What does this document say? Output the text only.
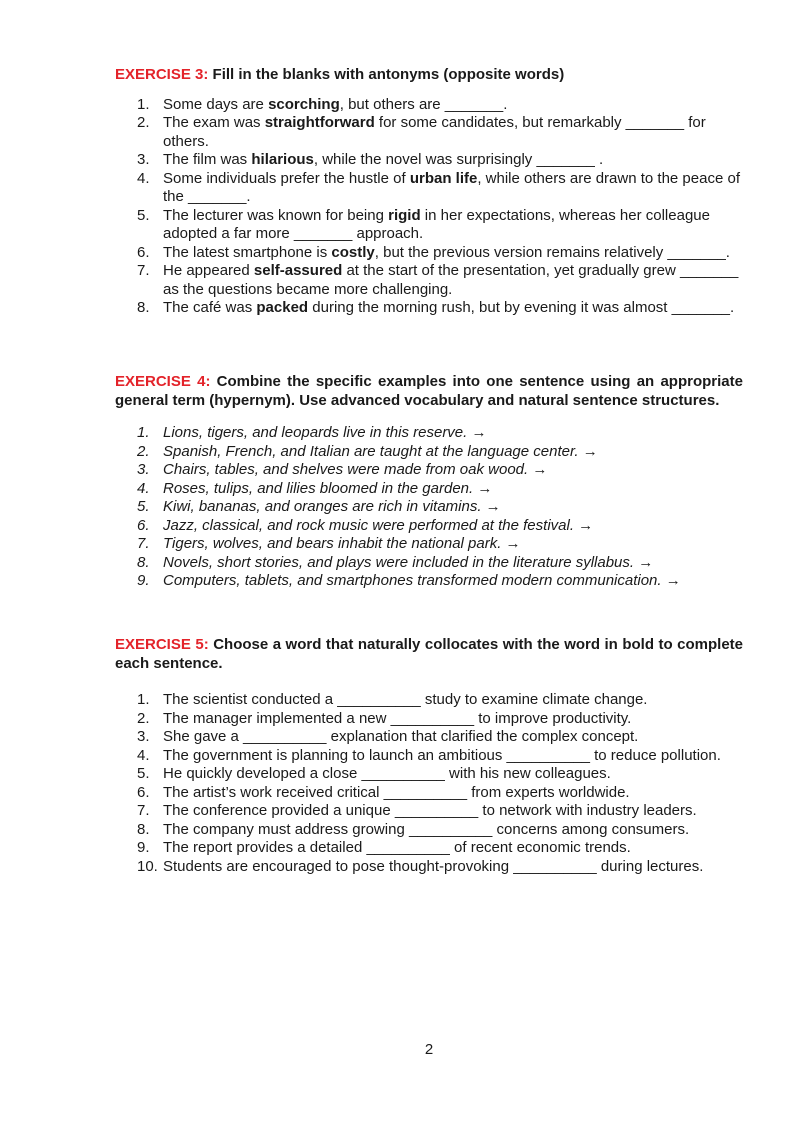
EXERCISE 3: Fill in the blanks with antonyms (opposite words)

1. Some days are scorching, but others are _______.
2. The exam was straightforward for some candidates, but remarkably _______ for others.
3. The film was hilarious, while the novel was surprisingly _______ .
4. Some individuals prefer the hustle of urban life, while others are drawn to the peace of the _______.
5. The lecturer was known for being rigid in her expectations, whereas her colleague adopted a far more _______ approach.
6. The latest smartphone is costly, but the previous version remains relatively _______.
7. He appeared self-assured at the start of the presentation, yet gradually grew _______ as the questions became more challenging.
8. The café was packed during the morning rush, but by evening it was almost _______.

EXERCISE 4: Combine the specific examples into one sentence using an appropriate general term (hypernym). Use advanced vocabulary and natural sentence structures.

1. Lions, tigers, and leopards live in this reserve. →
2. Spanish, French, and Italian are taught at the language center. →
3. Chairs, tables, and shelves were made from oak wood. →
4. Roses, tulips, and lilies bloomed in the garden. →
5. Kiwi, bananas, and oranges are rich in vitamins. →
6. Jazz, classical, and rock music were performed at the festival. →
7. Tigers, wolves, and bears inhabit the national park. →
8. Novels, short stories, and plays were included in the literature syllabus. →
9. Computers, tablets, and smartphones transformed modern communication. →

EXERCISE 5: Choose a word that naturally collocates with the word in bold to complete each sentence.

1. The scientist conducted a __________ study to examine climate change.
2. The manager implemented a new __________ to improve productivity.
3. She gave a __________ explanation that clarified the complex concept.
4. The government is planning to launch an ambitious __________ to reduce pollution.
5. He quickly developed a close __________ with his new colleagues.
6. The artist’s work received critical __________ from experts worldwide.
7. The conference provided a unique __________ to network with industry leaders.
8. The company must address growing __________ concerns among consumers.
9. The report provides a detailed __________ of recent economic trends.
10. Students are encouraged to pose thought-provoking __________ during lectures.
2
